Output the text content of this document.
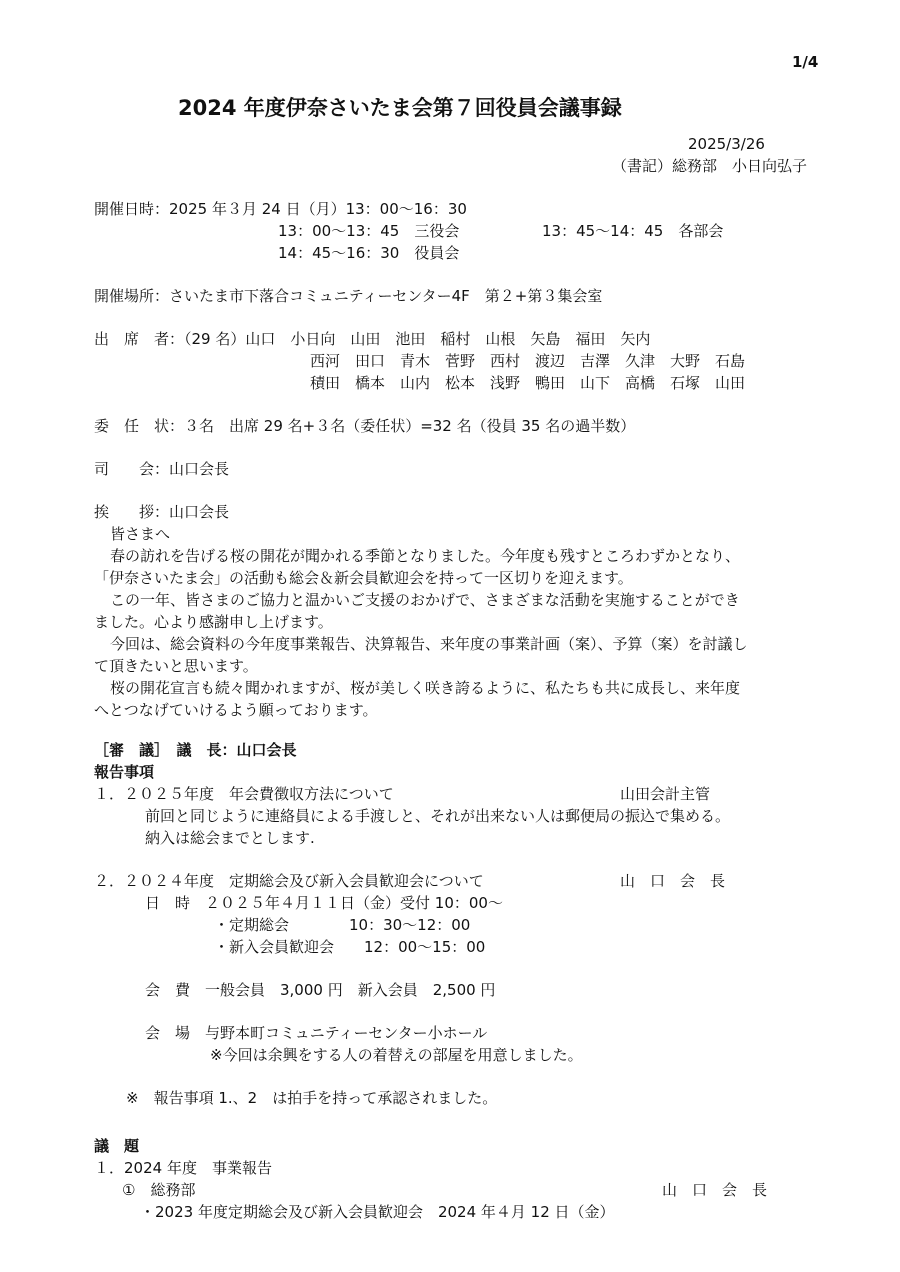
1/4
2024 年度伊奈さいたま会第７回役員会議事録
2025/3/26
（書記）総務部　小日向弘子
開催日時：2025 年３月 24 日（月）13：00～16：30
13：00～13：45　三役会	13：45～14：45　各部会
14：45～16：30　役員会
開催場所：さいたま市下落合コミュニティーセンター4F　第２+第３集会室
出　席　者：（29 名）山口　小日向　山田　池田　稲村　山根　矢島　福田　矢内
西河　田口　青木　菅野　西村　渡辺　吉澤　久津　大野　石島
積田　橋本　山内　松本　浅野　鴨田　山下　高橋　石塚　山田
委　任　状：３名　出席 29 名+３名（委任状）=32 名（役員 35 名の過半数）
司　　会：山口会長
挨　　拶：山口会長
皆さまへ
春の訪れを告げる桜の開花が聞かれる季節となりました。今年度も残すところわずかとなり、
「伊奈さいたま会」の活動も総会＆新会員歓迎会を持って一区切りを迎えます。
この一年、皆さまのご協力と温かいご支援のおかげで、さまざまな活動を実施することができ
ました。心より感謝申し上げます。
今回は、総会資料の今年度事業報告、決算報告、来年度の事業計画（案）、予算（案）を討議し
て頂きたいと思います。
桜の開花宣言も続々聞かれますが、桜が美しく咲き誇るように、私たちも共に成長し、来年度
へとつなげていけるよう願っております。
［審　議］　議　長：山口会長
報告事項
１．２０２５年度　年会費徴収方法について	山田会計主管
前回と同じように連絡員による手渡しと、それが出来ない人は郵便局の振込で集める。
納入は総会までとします.
２．２０２４年度　定期総会及び新入会員歓迎会について	山　口　会　長
日　時　２０２５年４月１１日（金）受付 10：00～
・定期総会　　　　10：30～12：00
・新入会員歓迎会　　12：00～15：00
会　費　一般会員　3,000 円　新入会員　2,500 円
会　場　与野本町コミュニティーセンター小ホール
※今回は余興をする人の着替えの部屋を用意しました。
※　報告事項 1.、2　は拍手を持って承認されました。
議　題
１．2024 年度　事業報告
①　総務部	山　口　会　長
・2023 年度定期総会及び新入会員歓迎会　2024 年４月 12 日（金）
